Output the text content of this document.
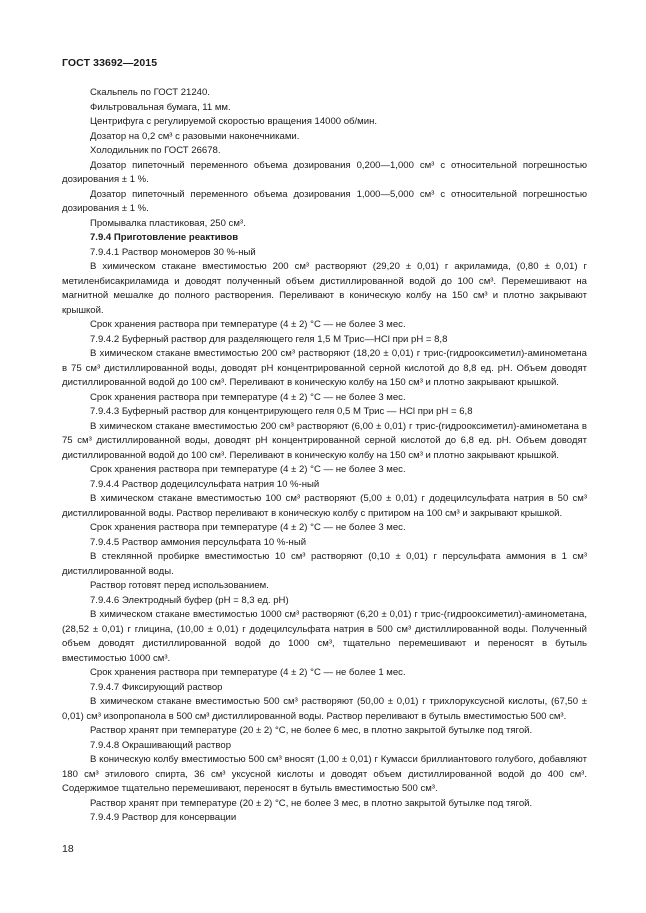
ГОСТ 33692—2015

Скальпель по ГОСТ 21240.

Фильтровальная бумага, 11 мм.

Центрифуга с регулируемой скоростью вращения 14000 об/мин.

Дозатор на 0,2 см³ с разовыми наконечниками.

Холодильник по ГОСТ 26678.

Дозатор пипеточный переменного объема дозирования 0,200—1,000 см³ с относительной погрешностью дозирования ± 1 %.

Дозатор пипеточный переменного объема дозирования 1,000—5,000 см³ с относительной погрешностью дозирования ± 1 %.

Промывалка пластиковая, 250 см³.

7.9.4 Приготовление реактивов

7.9.4.1 Раствор мономеров 30 %-ный

В химическом стакане вместимостью 200 см³ растворяют (29,20 ± 0,01) г акриламида, (0,80 ± 0,01) г метиленбисакриламида и доводят полученный объем дистиллированной водой до 100 см³. Перемешивают на магнитной мешалке до полного растворения. Переливают в коническую колбу на 150 см³ и плотно закрывают крышкой.

Срок хранения раствора при температуре (4 ± 2) °С — не более 3 мес.

7.9.4.2 Буферный раствор для разделяющего геля 1,5 М Трис—HCl при рН = 8,8

В химическом стакане вместимостью 200 см³ растворяют (18,20 ± 0,01) г трис-(гидрооксиметил)-аминометана в 75 см³ дистиллированной воды, доводят pH концентрированной серной кислотой до 8,8 ед. pH. Объем доводят дистиллированной водой до 100 см³. Переливают в коническую колбу на 150 см³ и плотно закрывают крышкой.

Срок хранения раствора при температуре (4 ± 2) °С — не более 3 мес.

7.9.4.3 Буферный раствор для концентрирующего геля 0,5 М Трис — HCl при рН = 6,8

В химическом стакане вместимостью 200 см³ растворяют (6,00 ± 0,01) г трис-(гидрооксиметил)-аминометана в 75 см³ дистиллированной воды, доводят pH концентрированной серной кислотой до 6,8 ед. pH. Объем доводят дистиллированной водой до 100 см³. Переливают в коническую колбу на 150 см³ и плотно закрывают крышкой.

Срок хранения раствора при температуре (4 ± 2) °С — не более 3 мес.

7.9.4.4 Раствор додецилсульфата натрия 10 %-ный

В химическом стакане вместимостью 100 см³ растворяют (5,00 ± 0,01) г додецилсульфата натрия в 50 см³ дистиллированной воды. Раствор переливают в коническую колбу с притиром на 100 см³ и закрывают крышкой.

Срок хранения раствора при температуре (4 ± 2) °С — не более 3 мес.

7.9.4.5 Раствор аммония персульфата 10 %-ный

В стеклянной пробирке вместимостью 10 см³ растворяют (0,10 ± 0,01) г персульфата аммония в 1 см³ дистиллированной воды.

Раствор готовят перед использованием.

7.9.4.6 Электродный буфер (рН = 8,3 ед. pH)

В химическом стакане вместимостью 1000 см³ растворяют (6,20 ± 0,01) г трис-(гидрооксиметил)-аминометана, (28,52 ± 0,01) г глицина, (10,00 ± 0,01) г додецилсульфата натрия в 500 см³ дистиллированной воды. Полученный объем доводят дистиллированной водой до 1000 см³, тщательно перемешивают и переносят в бутыль вместимостью 1000 см³.

Срок хранения раствора при температуре (4 ± 2) °С — не более 1 мес.

7.9.4.7 Фиксирующий раствор

В химическом стакане вместимостью 500 см³ растворяют (50,00 ± 0,01) г трихлоруксусной кислоты, (67,50 ± 0,01) см³ изопропанола в 500 см³ дистиллированной воды. Раствор переливают в бутыль вместимостью 500 см³.

Раствор хранят при температуре (20 ± 2) °С, не более 6 мес, в плотно закрытой бутылке под тягой.

7.9.4.8 Окрашивающий раствор

В коническую колбу вместимостью 500 см³ вносят (1,00 ± 0,01) г Кумасси бриллиантового голубого, добавляют 180 см³ этилового спирта, 36 см³ уксусной кислоты и доводят объем дистиллированной водой до 400 см³. Содержимое тщательно перемешивают, переносят в бутыль вместимостью 500 см³.

Раствор хранят при температуре (20 ± 2) °С, не более 3 мес, в плотно закрытой бутылке под тягой.

7.9.4.9 Раствор для консервации

18
